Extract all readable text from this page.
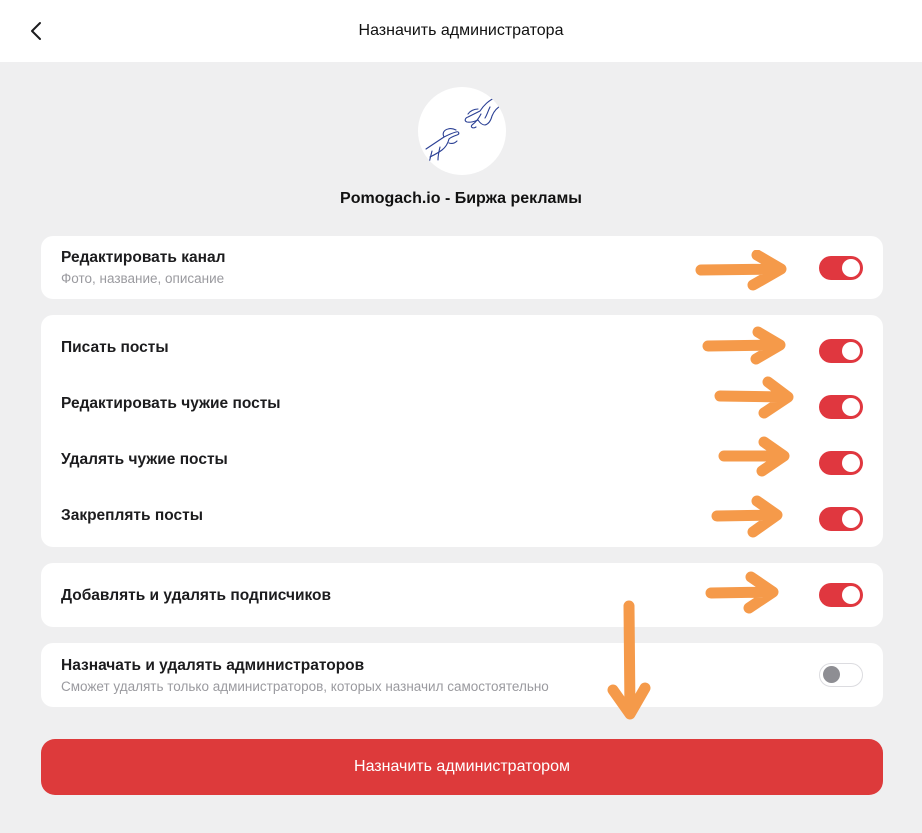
Назначить администратора
Pomogach.io - Биржа рекламы
Редактировать канал
Фото, название, описание
Писать посты
Редактировать чужие посты
Удалять чужие посты
Закреплять посты
Добавлять и удалять подписчиков
Назначать и удалять администраторов
Сможет удалять только администраторов, которых назначил самостоятельно
Назначить администратором
